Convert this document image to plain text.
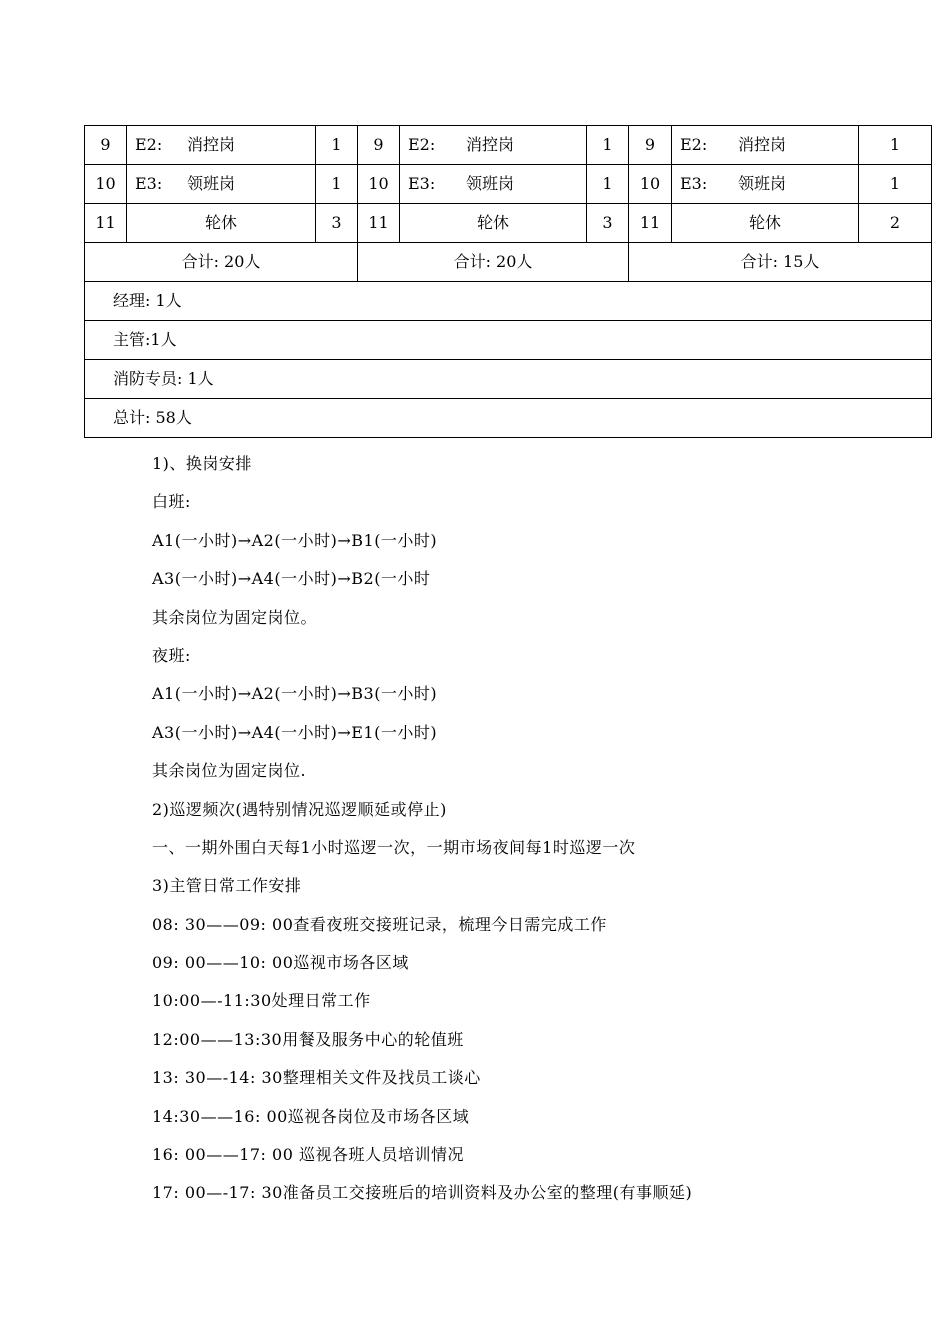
9	E2: 消控岗	1	9	E2: 消控岗	1	9	E2: 消控岗	1
10	E3: 领班岗	1	10	E3: 领班岗	1	10	E3: 领班岗	1
11	轮休	3	11	轮休	3	11	轮休	2
合计: 20人			合计: 20人			合计: 15人		
经理: 1人								
主管:1人								
消防专员: 1人								
总计: 58人								
1)、换岗安排
白班:
A1(一小时)→A2(一小时)→B1(一小时)
A3(一小时)→A4(一小时)→B2(一小时
其余岗位为固定岗位。
夜班:
A1(一小时)→A2(一小时)→B3(一小时)
A3(一小时)→A4(一小时)→E1(一小时)
其余岗位为固定岗位.
2)巡逻频次(遇特别情况巡逻顺延或停止)
一、一期外围白天每1小时巡逻一次，一期市场夜间每1时巡逻一次
3)主管日常工作安排
08: 30——09: 00查看夜班交接班记录，梳理今日需完成工作
09: 00——10: 00巡视市场各区域
10:00—-11:30处理日常工作
12:00——13:30用餐及服务中心的轮值班
13: 30—-14: 30整理相关文件及找员工谈心
14:30——16: 00巡视各岗位及市场各区域
16: 00——17: 00 巡视各班人员培训情况
17: 00—-17: 30准备员工交接班后的培训资料及办公室的整理(有事顺延)
